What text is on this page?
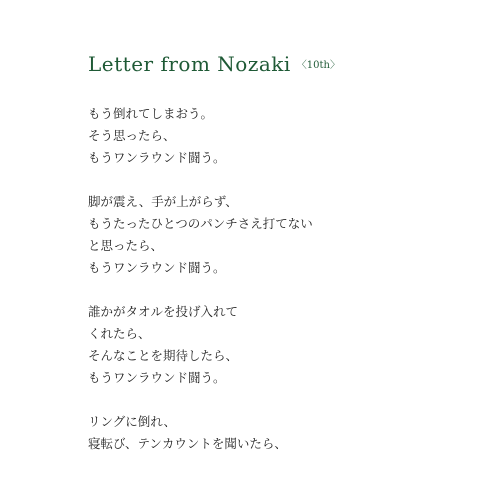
Letter from Nozaki 〈10th〉
もう倒れてしまおう。
そう思ったら、
もうワンラウンド闘う。
脚が震え、手が上がらず、
もうたったひとつのパンチさえ打てない
と思ったら、
もうワンラウンド闘う。
誰かがタオルを投げ入れて
くれたら、
そんなことを期待したら、
もうワンラウンド闘う。
リングに倒れ、
寝転び、テンカウントを聞いたら、
